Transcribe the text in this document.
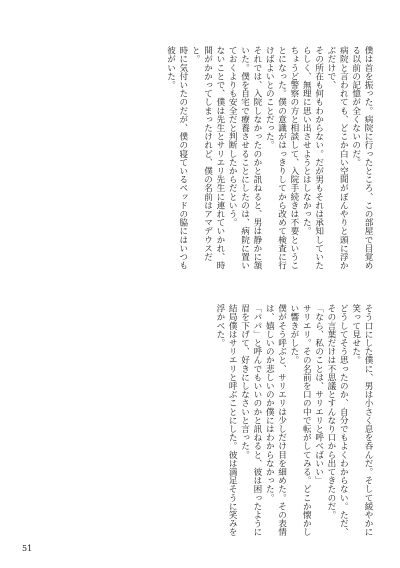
僕は首を振った。病院に行ったところ、この部屋で目覚める以前の記憶が全くないのだ。

病院と言われても、どこか白い空間がぼんやりと頭に浮かぶだけで、

その所在も何もわからない。だが男もそれは承知していたらしく、無理に思い出させようとはしなかった。

ちょうど警察の方と相談して、入院手続きは不要ということになった。僕の意識がはっきりしてから改めて検査に行けばよいとのことだった。

それでは、入院しなかったのかと訊ねると、男は静かに頷いた。僕を自宅で療養させることにしたのは、病院に置いておくよりも安全だと判断したからだという。

ないことで、僕は先生とサリエリ先生に連れていかれ、時間がかかってしまったけれど、僕の名前はアマデウスだと。

時に気付いたのだが、僕の寝ているベッドの脇にはいつも彼がいた。

そう口にした僕に、男は小さく息を呑んだ。そして緩やかに笑って見せた。

どうしてそう思ったのか、自分でもよくわからない。ただ、その言葉だけは不思議とすんなり口から出てきたのだ。

「なら、私のことは、サリエリと呼べばいい」

サリエリ。その名前を口の中で転がしてみる。どこか懐かしい響きがした。

僕がそう呼ぶと、サリエリは少しだけ目を細めた。その表情は、嬉しいのか悲しいのか僕にはわからなかった。

「パパ」と呼んでもいいのかと訊ねると、彼は困ったように眉を下げて、好きにしなさいと言った。

結局僕はサリエリと呼ぶことにした。彼は満足そうに笑みを浮かべた。

51
